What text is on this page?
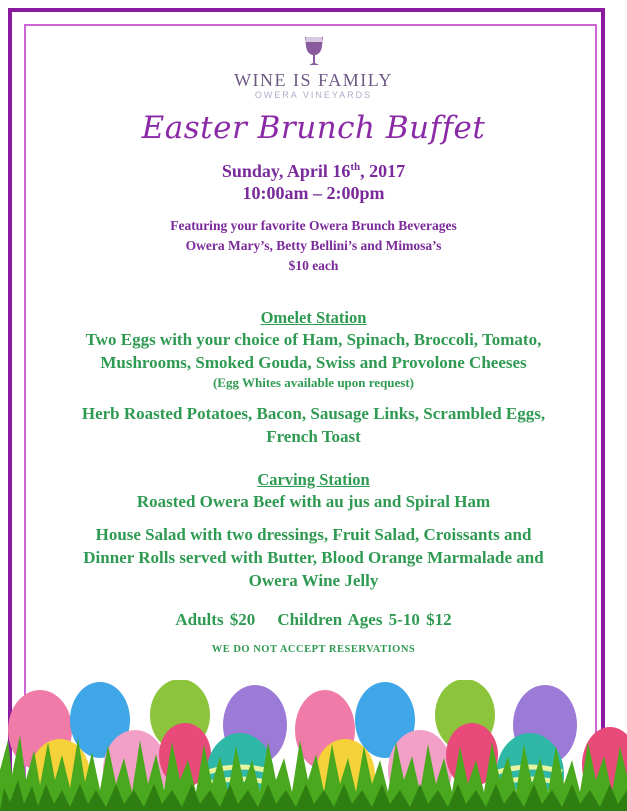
WINE IS FAMILY
OWERA VINEYARDS
Easter Brunch Buffet
Sunday, April 16th, 2017
10:00am – 2:00pm
Featuring your favorite Owera Brunch Beverages
Owera Mary’s, Betty Bellini’s and Mimosa’s
$10 each
Omelet Station
Two Eggs with your choice of Ham, Spinach, Broccoli, Tomato,
Mushrooms, Smoked Gouda, Swiss and Provolone Cheeses
(Egg Whites available upon request)
Herb Roasted Potatoes, Bacon, Sausage Links, Scrambled Eggs,
French Toast
Carving Station
Roasted Owera Beef with au jus and Spiral Ham
House Salad with two dressings, Fruit Salad, Croissants and
Dinner Rolls served with Butter, Blood Orange Marmalade and
Owera Wine Jelly
Adults $20 Children Ages 5-10 $12
WE DO NOT ACCEPT RESERVATIONS
